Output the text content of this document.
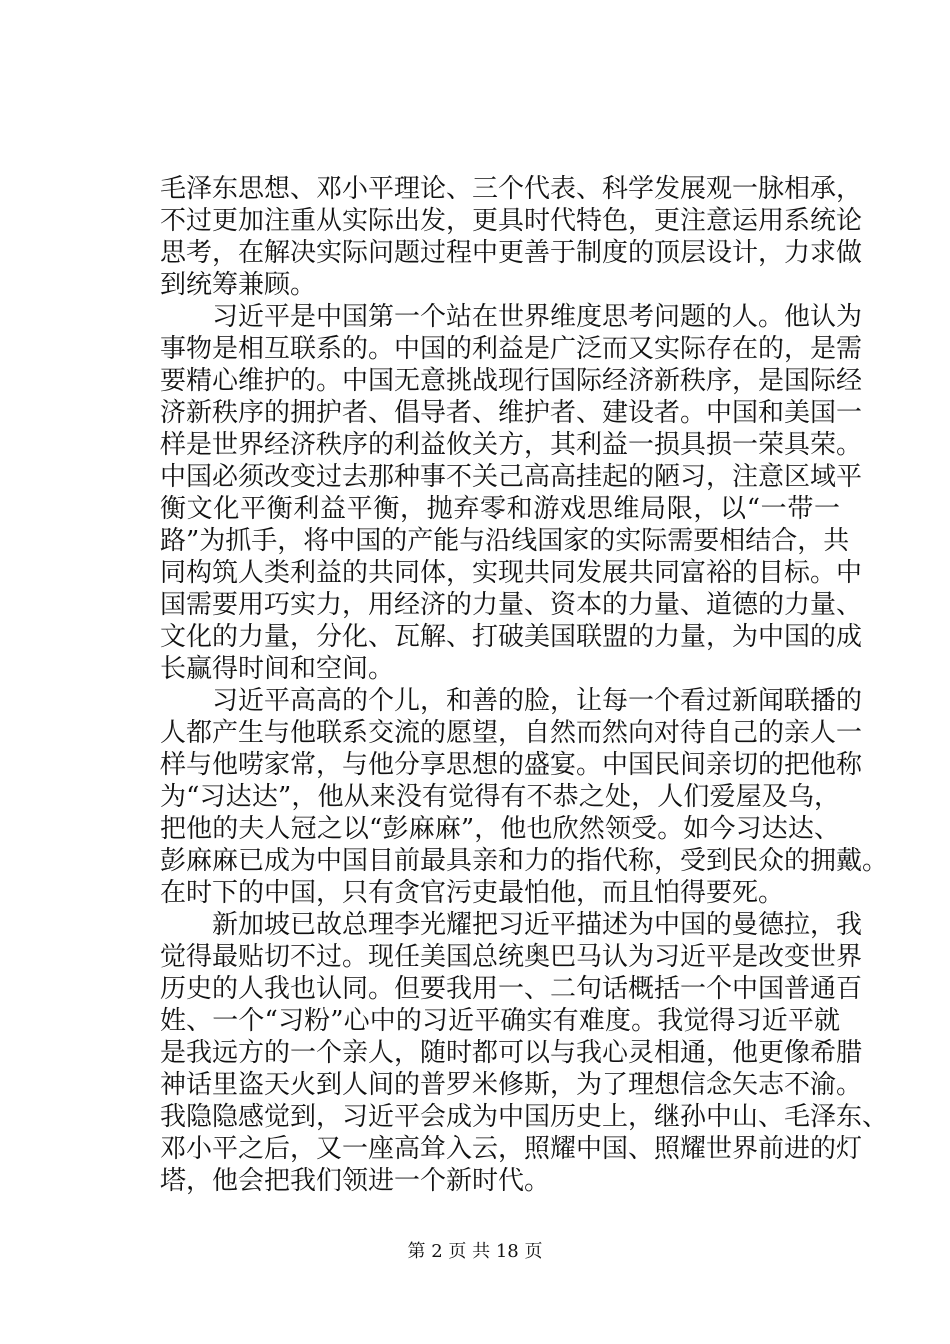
毛泽东思想、邓小平理论、三个代表、科学发展观一脉相承，

不过更加注重从实际出发，更具时代特色，更注意运用系统论

思考，在解决实际问题过程中更善于制度的顶层设计，力求做

到统筹兼顾。

习近平是中国第一个站在世界维度思考问题的人。他认为

事物是相互联系的。中国的利益是广泛而又实际存在的，是需

要精心维护的。中国无意挑战现行国际经济新秩序，是国际经

济新秩序的拥护者、倡导者、维护者、建设者。中国和美国一

样是世界经济秩序的利益攸关方，其利益一损具损一荣具荣。

中国必须改变过去那种事不关己高高挂起的陋习，注意区域平

衡文化平衡利益平衡，抛弃零和游戏思维局限，以“一带一

路”为抓手，将中国的产能与沿线国家的实际需要相结合，共

同构筑人类利益的共同体，实现共同发展共同富裕的目标。中

国需要用巧实力，用经济的力量、资本的力量、道德的力量、

文化的力量，分化、瓦解、打破美国联盟的力量，为中国的成

长赢得时间和空间。

习近平高高的个儿，和善的脸，让每一个看过新闻联播的

人都产生与他联系交流的愿望，自然而然向对待自己的亲人一

样与他唠家常，与他分享思想的盛宴。中国民间亲切的把他称

为“习达达”，他从来没有觉得有不恭之处，人们爱屋及乌，

把他的夫人冠之以“彭麻麻”，他也欣然领受。如今习达达、

彭麻麻已成为中国目前最具亲和力的指代称，受到民众的拥戴。

在时下的中国，只有贪官污吏最怕他，而且怕得要死。

新加坡已故总理李光耀把习近平描述为中国的曼德拉，我

觉得最贴切不过。现任美国总统奥巴马认为习近平是改变世界

历史的人我也认同。但要我用一、二句话概括一个中国普通百

姓、一个“习粉”心中的习近平确实有难度。我觉得习近平就

是我远方的一个亲人，随时都可以与我心灵相通，他更像希腊

神话里盗天火到人间的普罗米修斯，为了理想信念矢志不渝。

我隐隐感觉到，习近平会成为中国历史上，继孙中山、毛泽东、

邓小平之后，又一座高耸入云，照耀中国、照耀世界前进的灯

塔，他会把我们领进一个新时代。

第 2 页 共 18 页
